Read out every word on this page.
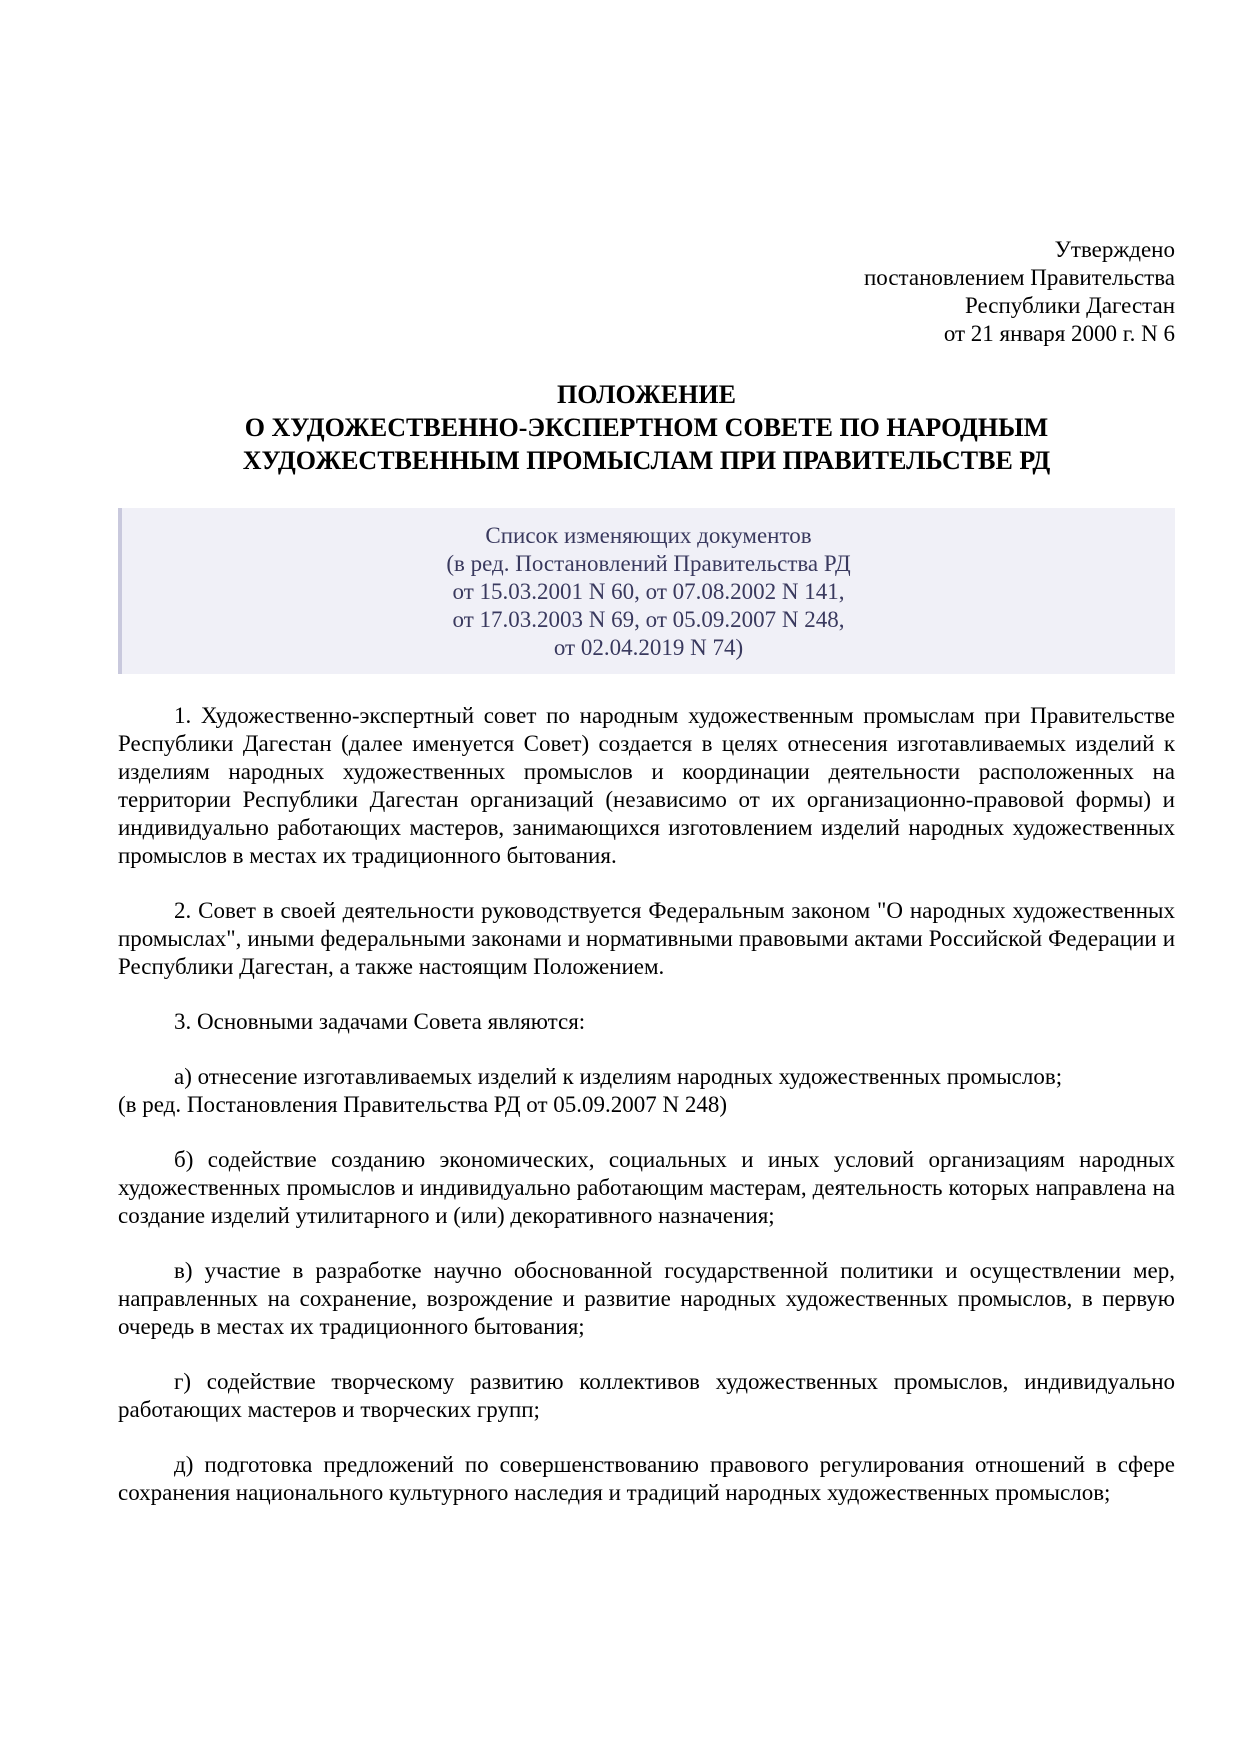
Утверждено
постановлением Правительства
Республики Дагестан
от 21 января 2000 г. N 6
ПОЛОЖЕНИЕ
О ХУДОЖЕСТВЕННО-ЭКСПЕРТНОМ СОВЕТЕ ПО НАРОДНЫМ
ХУДОЖЕСТВЕННЫМ ПРОМЫСЛАМ ПРИ ПРАВИТЕЛЬСТВЕ РД
Список изменяющих документов
(в ред. Постановлений Правительства РД
от 15.03.2001 N 60, от 07.08.2002 N 141,
от 17.03.2003 N 69, от 05.09.2007 N 248,
от 02.04.2019 N 74)

1. Художественно-экспертный совет по народным художественным промыслам при Правительстве Республики Дагестан (далее именуется Совет) создается в целях отнесения изготавливаемых изделий к изделиям народных художественных промыслов и координации деятельности расположенных на территории Республики Дагестан организаций (независимо от их организационно-правовой формы) и индивидуально работающих мастеров, занимающихся изготовлением изделий народных художественных промыслов в местах их традиционного бытования.

2. Совет в своей деятельности руководствуется Федеральным законом "О народных художественных промыслах", иными федеральными законами и нормативными правовыми актами Российской Федерации и Республики Дагестан, а также настоящим Положением.

3. Основными задачами Совета являются:

а) отнесение изготавливаемых изделий к изделиям народных художественных промыслов;

(в ред. Постановления Правительства РД от 05.09.2007 N 248)

б) содействие созданию экономических, социальных и иных условий организациям народных художественных промыслов и индивидуально работающим мастерам, деятельность которых направлена на создание изделий утилитарного и (или) декоративного назначения;

в) участие в разработке научно обоснованной государственной политики и осуществлении мер, направленных на сохранение, возрождение и развитие народных художественных промыслов, в первую очередь в местах их традиционного бытования;

г) содействие творческому развитию коллективов художественных промыслов, индивидуально работающих мастеров и творческих групп;

д) подготовка предложений по совершенствованию правового регулирования отношений в сфере сохранения национального культурного наследия и традиций народных художественных промыслов;
